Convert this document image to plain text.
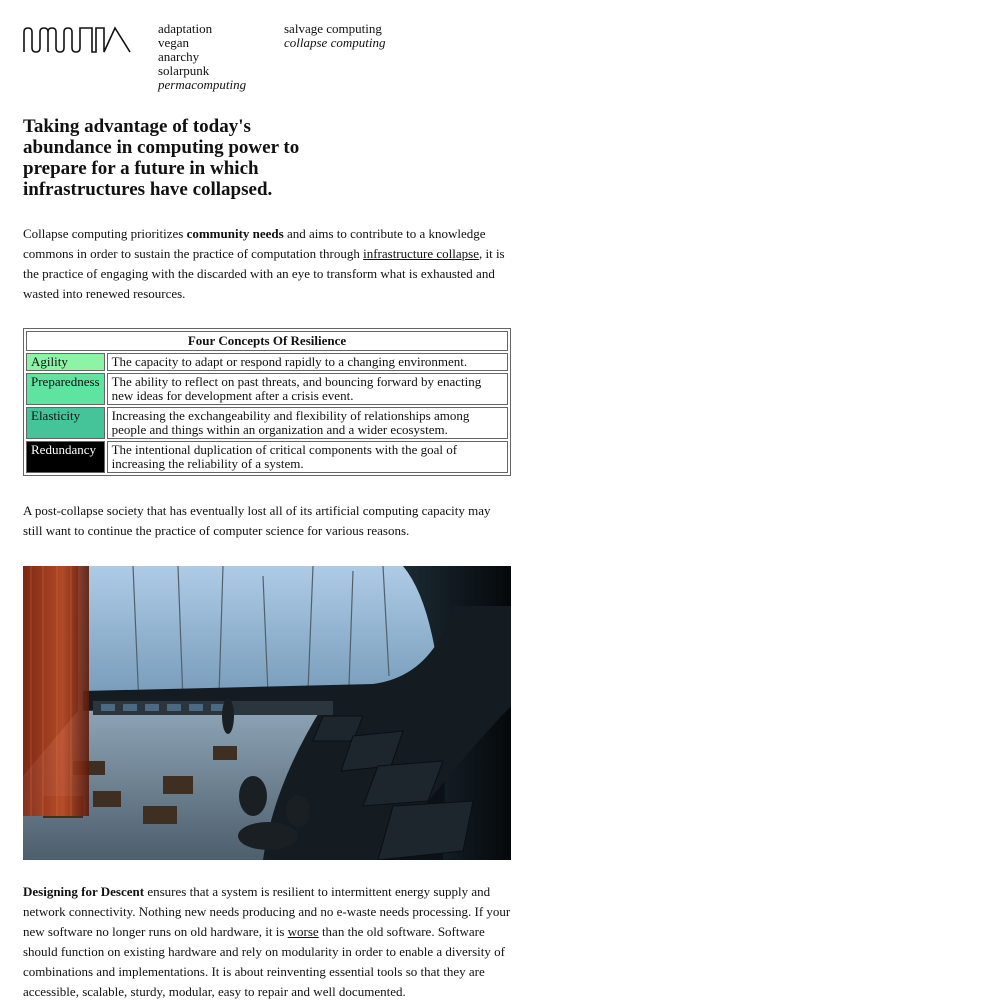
adaptation
vegan
anarchy
solarpunk
permacomputing
salvage computing
collapse computing
Taking advantage of today's abundance in computing power to prepare for a future in which infrastructures have collapsed.

Collapse computing prioritizes community needs and aims to contribute to a knowledge commons in order to sustain the practice of computation through infrastructure collapse, it is the practice of engaging with the discarded with an eye to transform what is exhausted and wasted into renewed resources.

Four Concepts Of Resilience	
Agility	The capacity to adapt or respond rapidly to a changing environment.
Preparedness	The ability to reflect on past threats, and bouncing forward by enacting new ideas for development after a crisis event.
Elasticity	Increasing the exchangeability and flexibility of relationships among people and things within an organization and a wider ecosystem.
Redundancy	The intentional duplication of critical components with the goal of increasing the reliability of a system.

A post-collapse society that has eventually lost all of its artificial computing capacity may still want to continue the practice of computer science for various reasons.

Designing for Descent ensures that a system is resilient to intermittent energy supply and network connectivity. Nothing new needs producing and no e-waste needs processing. If your new software no longer runs on old hardware, it is worse than the old software. Software should function on existing hardware and rely on modularity in order to enable a diversity of combinations and implementations. It is about reinventing essential tools so that they are accessible, scalable, sturdy, modular, easy to repair and well documented.
